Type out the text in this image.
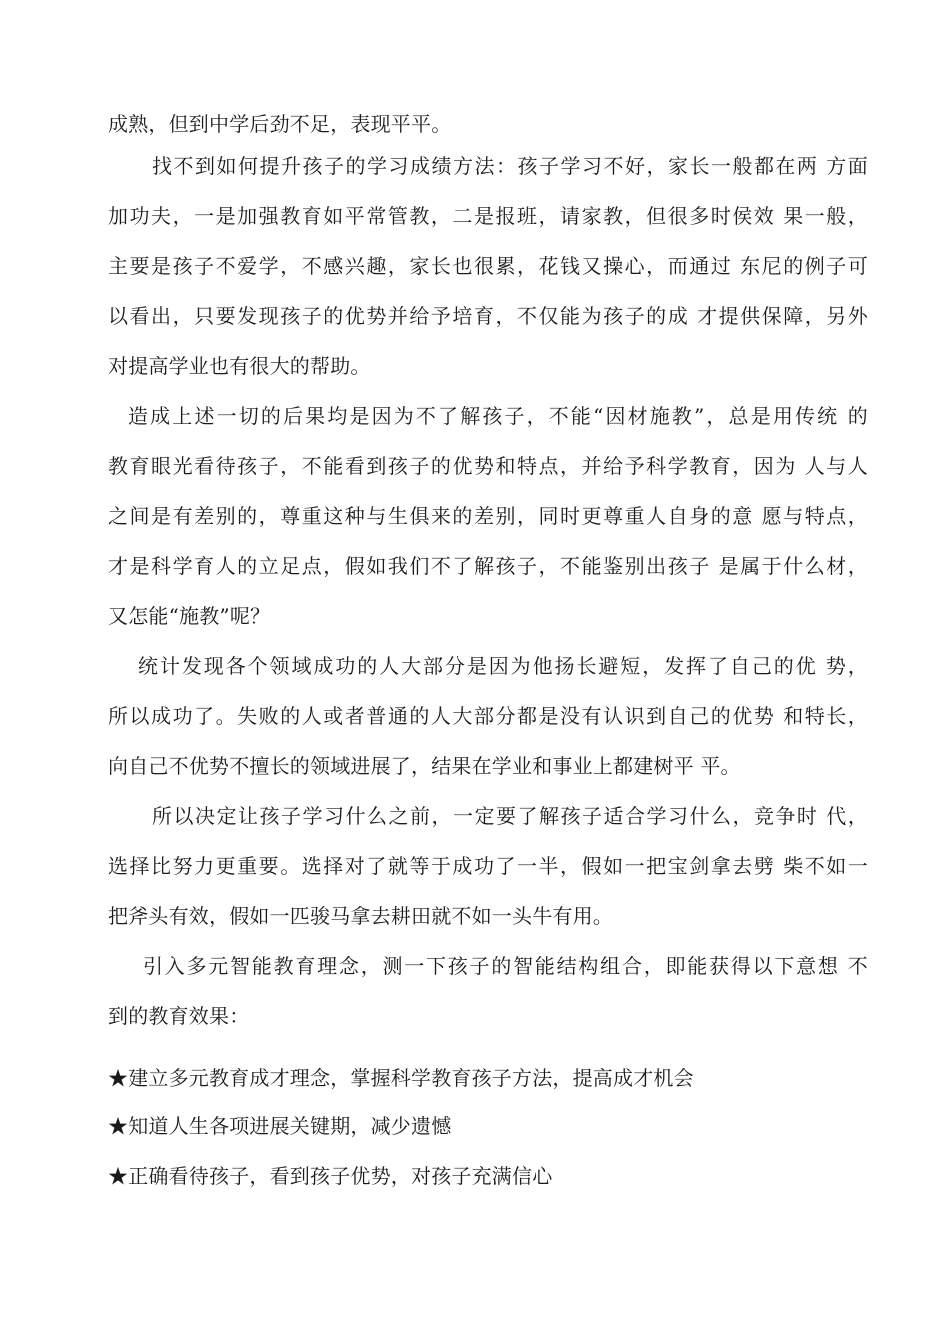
成熟，但到中学后劲不足，表现平平。
找不到如何提升孩子的学习成绩方法：孩子学习不好，家长一般都在两 方面
加功夫，一是加强教育如平常管教，二是报班，请家教，但很多时侯效 果一般，
主要是孩子不爱学，不感兴趣，家长也很累，花钱又操心，而通过 东尼的例子可
以看出，只要发现孩子的优势并给予培育，不仅能为孩子的成 才提供保障，另外
对提高学业也有很大的帮助。
造成上述一切的后果均是因为不了解孩子，不能“因材施教”，总是用传统 的
教育眼光看待孩子，不能看到孩子的优势和特点，并给予科学教育，因为 人与人
之间是有差别的，尊重这种与生俱来的差别，同时更尊重人自身的意 愿与特点，
才是科学育人的立足点，假如我们不了解孩子，不能鉴别出孩子 是属于什么材，
又怎能“施教”呢？
统计发现各个领域成功的人大部分是因为他扬长避短，发挥了自己的优 势，
所以成功了。失败的人或者普通的人大部分都是没有认识到自己的优势 和特长，
向自己不优势不擅长的领域进展了，结果在学业和事业上都建树平 平。
所以决定让孩子学习什么之前，一定要了解孩子适合学习什么，竞争时 代，
选择比努力更重要。选择对了就等于成功了一半，假如一把宝剑拿去劈 柴不如一
把斧头有效，假如一匹骏马拿去耕田就不如一头牛有用。
引入多元智能教育理念，测一下孩子的智能结构组合，即能获得以下意想 不
到的教育效果：
★建立多元教育成才理念，掌握科学教育孩子方法，提高成才机会
★知道人生各项进展关键期，减少遗憾
★正确看待孩子，看到孩子优势，对孩子充满信心
